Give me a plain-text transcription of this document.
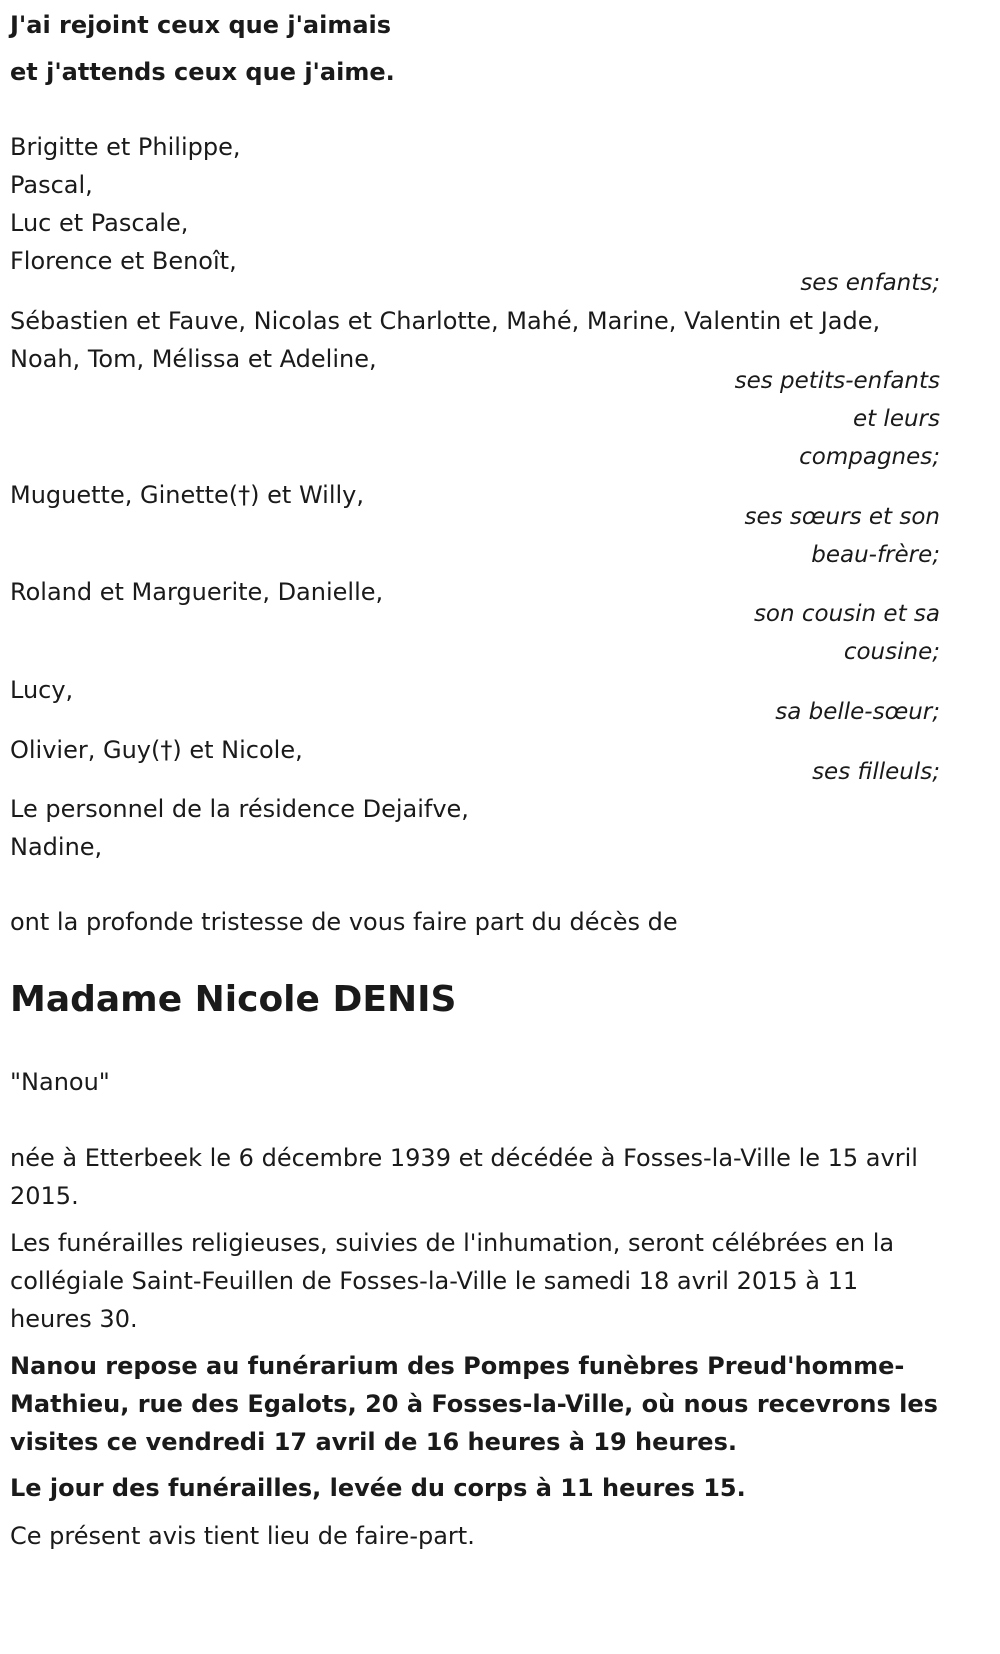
J'ai rejoint ceux que j'aimais
et j'attends ceux que j'aime.
Brigitte et Philippe,
Pascal,
Luc et Pascale,
Florence et Benoît,
ses enfants;
Sébastien et Fauve, Nicolas et Charlotte, Mahé, Marine, Valentin et Jade,
Noah, Tom, Mélissa et Adeline,
ses petits-enfants
et leurs
compagnes;
Muguette, Ginette(†) et Willy,
ses sœurs et son
beau-frère;
Roland et Marguerite, Danielle,
son cousin et sa
cousine;
Lucy,
sa belle-sœur;
Olivier, Guy(†) et Nicole,
ses filleuls;
Le personnel de la résidence Dejaifve,
Nadine,
ont la profonde tristesse de vous faire part du décès de
Madame Nicole DENIS
"Nanou"
née à Etterbeek le 6 décembre 1939 et décédée à Fosses-la-Ville le 15 avril 2015.
Les funérailles religieuses, suivies de l'inhumation, seront célébrées en la collégiale Saint-Feuillen de Fosses-la-Ville le samedi 18 avril 2015 à 11 heures 30.
Nanou repose au funérarium des Pompes funèbres Preud'homme-Mathieu, rue des Egalots, 20 à Fosses-la-Ville, où nous recevrons les visites ce vendredi 17 avril de 16 heures à 19 heures.
Le jour des funérailles, levée du corps à 11 heures 15.
Ce présent avis tient lieu de faire-part.
